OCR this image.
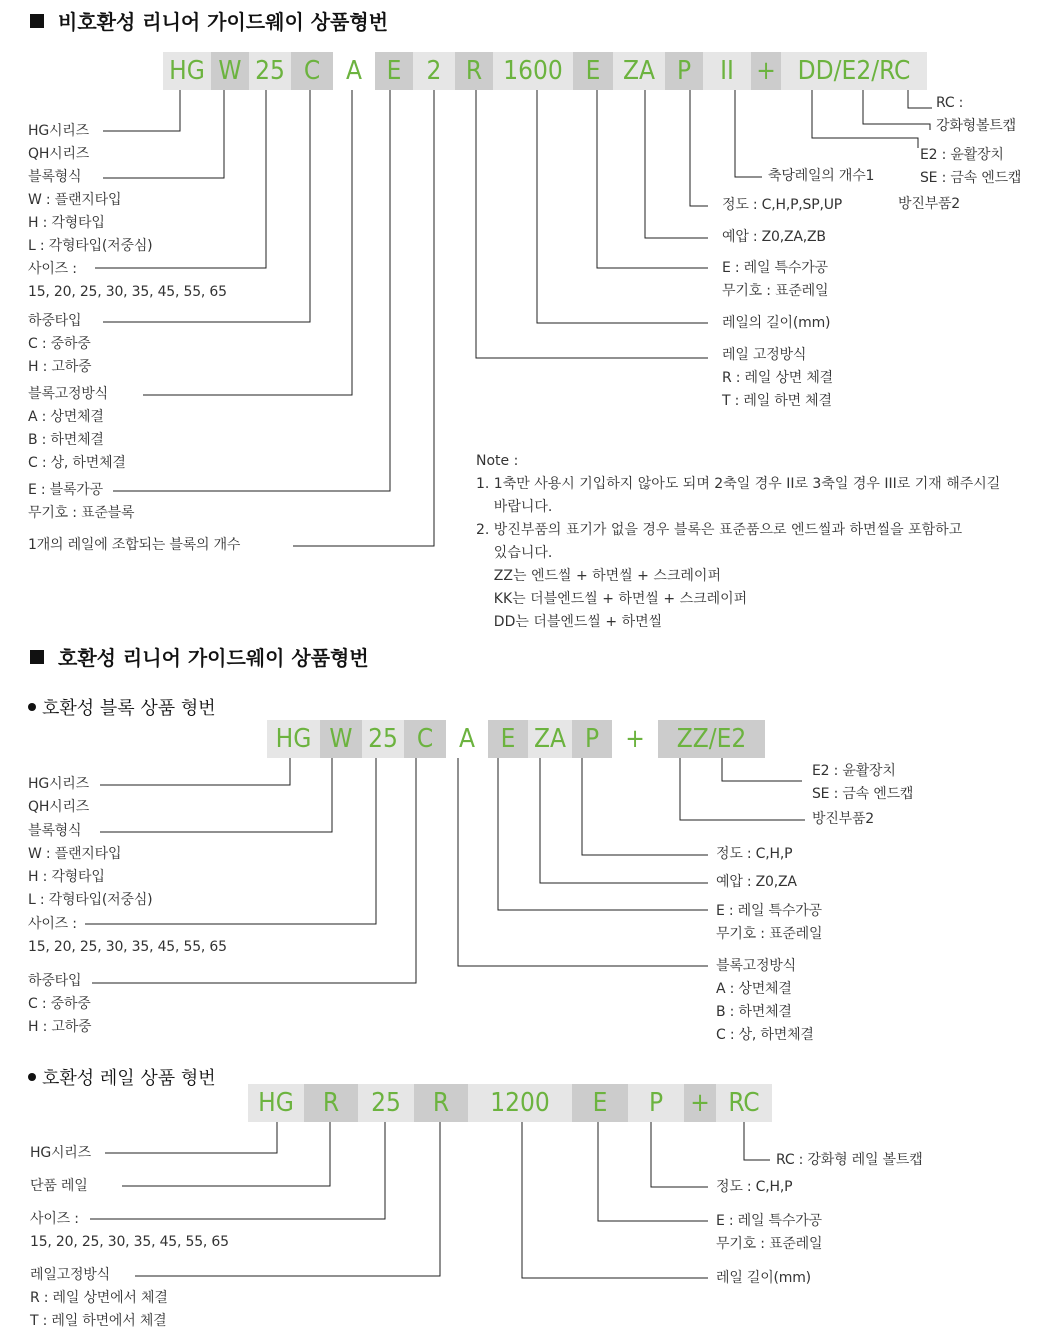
비호환성 리니어 가이드웨이 상품형번
HG W 25 C A E 2 R 1600 E ZA P	II + DD/E2/RC
HG시리즈
QH시리즈
블록형식
W : 플랜지타입
H : 각형타입
L : 각형타입(저중심)
사이즈 :
15, 20, 25, 30, 35, 45, 55, 65
하중타입
C : 중하중
H : 고하중
블록고정방식
A : 상면체결
B : 하면체결
C : 상, 하면체결
E : 블록가공
무기호 : 표준블록
1개의 레일에 조합되는 블록의 개수
RC :
강화형볼트캡
E2 : 윤활장치
SE : 금속 엔드캡
방진부품2
축당레일의 개수1
정도 : C,H,P,SP,UP
예압 : Z0,ZA,ZB
E : 레일 특수가공
무기호 : 표준레일
레일의 길이(mm)
레일 고정방식
R : 레일 상면 체결
T : 레일 하면 체결
Note :
1. 1축만 사용시 기입하지 않아도 되며 2축일 경우 II로 3축일 경우 III로 기재 해주시길
바랍니다.
2. 방진부품의 표기가 없을 경우 블록은 표준품으로 엔드씰과 하면씰을 포함하고
있습니다.
ZZ는 엔드씰 + 하면씰 + 스크레이퍼
KK는 더블엔드씰 + 하면씰 + 스크레이퍼
DD는 더블엔드씰 + 하면씰
호환성 리니어 가이드웨이 상품형번
호환성 블록 상품 형번
HG W 25 C A E ZA P	+	ZZ/E2
HG시리즈
QH시리즈
블록형식
W : 플랜지타입
H : 각형타입
L : 각형타입(저중심)
사이즈 :
15, 20, 25, 30, 35, 45, 55, 65
하중타입
C : 중하중
H : 고하중
E2 : 윤활장치
SE : 금속 엔드캡
방진부품2
정도 : C,H,P
예압 : Z0,ZA
E : 레일 특수가공
무기호 : 표준레일
블록고정방식
A : 상면체결
B : 하면체결
C : 상, 하면체결
호환성 레일 상품 형번
HG	R	25	R	1200	E	P	+ RC
HG시리즈
단품 레일
사이즈 :
15, 20, 25, 30, 35, 45, 55, 65
레일고정방식
R : 레일 상면에서 체결
T : 레일 하면에서 체결
RC : 강화형 레일 볼트캡
정도 : C,H,P
E : 레일 특수가공
무기호 : 표준레일
레일 길이(mm)
